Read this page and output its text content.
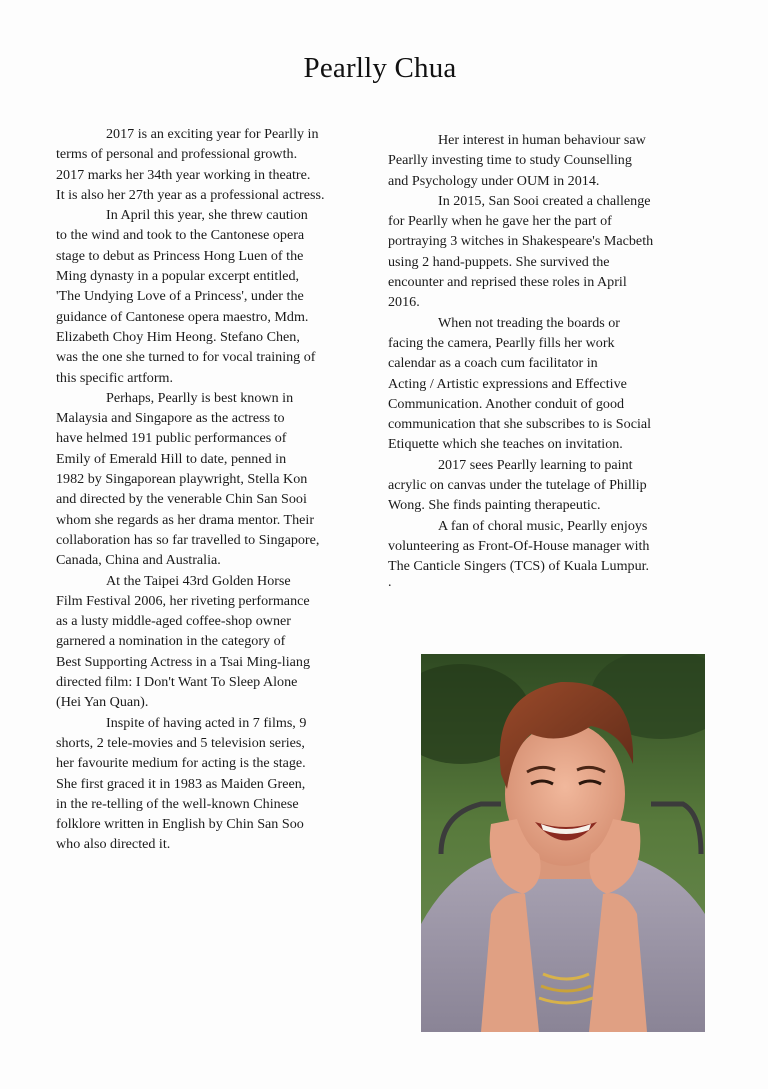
Pearlly Chua

2017 is an exciting year for Pearlly in
terms of personal and professional growth.
2017 marks her 34th year working in theatre.
It is also her 27th year as a professional actress.

In April this year, she threw caution
to the wind and took to the Cantonese opera
stage to debut as Princess Hong Luen of the
Ming dynasty in a popular excerpt entitled,
'The Undying Love of a Princess', under the
guidance of Cantonese opera maestro, Mdm.
Elizabeth Choy Him Heong. Stefano Chen,
was the one she turned to for vocal training of
this specific artform.

Perhaps, Pearlly is best known in
Malaysia and Singapore as the actress to
have helmed 191 public performances of
Emily of Emerald Hill to date, penned in
1982 by Singaporean playwright, Stella Kon
and directed by the venerable Chin San Sooi
whom she regards as her drama mentor. Their
collaboration has so far travelled to Singapore,
Canada, China and Australia.

At the Taipei 43rd Golden Horse
Film Festival 2006, her riveting performance
as a lusty middle-aged coffee-shop owner
garnered a nomination in the category of
Best Supporting Actress in a Tsai Ming-liang
directed film: I Don't Want To Sleep Alone
(Hei Yan Quan).

Inspite of having acted in 7 films, 9
shorts, 2 tele-movies and 5 television series,
her favourite medium for acting is the stage.
She first graced it in 1983 as Maiden Green,
in the re-telling of the well-known Chinese
folklore written in English by Chin San Soo
who also directed it.

Her interest in human behaviour saw
Pearlly investing time to study Counselling
and Psychology under OUM in 2014.

In 2015, San Sooi created a challenge
for Pearlly when he gave her the part of
portraying 3 witches in Shakespeare's Macbeth
using 2 hand-puppets. She survived the
encounter and reprised these roles in April
2016.

When not treading the boards or
facing the camera, Pearlly fills her work
calendar as a coach cum facilitator in
Acting / Artistic expressions and Effective
Communication. Another conduit of good
communication that she subscribes to is Social
Etiquette which she teaches on invitation.

2017 sees Pearlly learning to paint
acrylic on canvas under the tutelage of Phillip
Wong. She finds painting therapeutic.

A fan of choral music, Pearlly enjoys
volunteering as Front-Of-House manager with
The Canticle Singers (TCS) of Kuala Lumpur.

.
